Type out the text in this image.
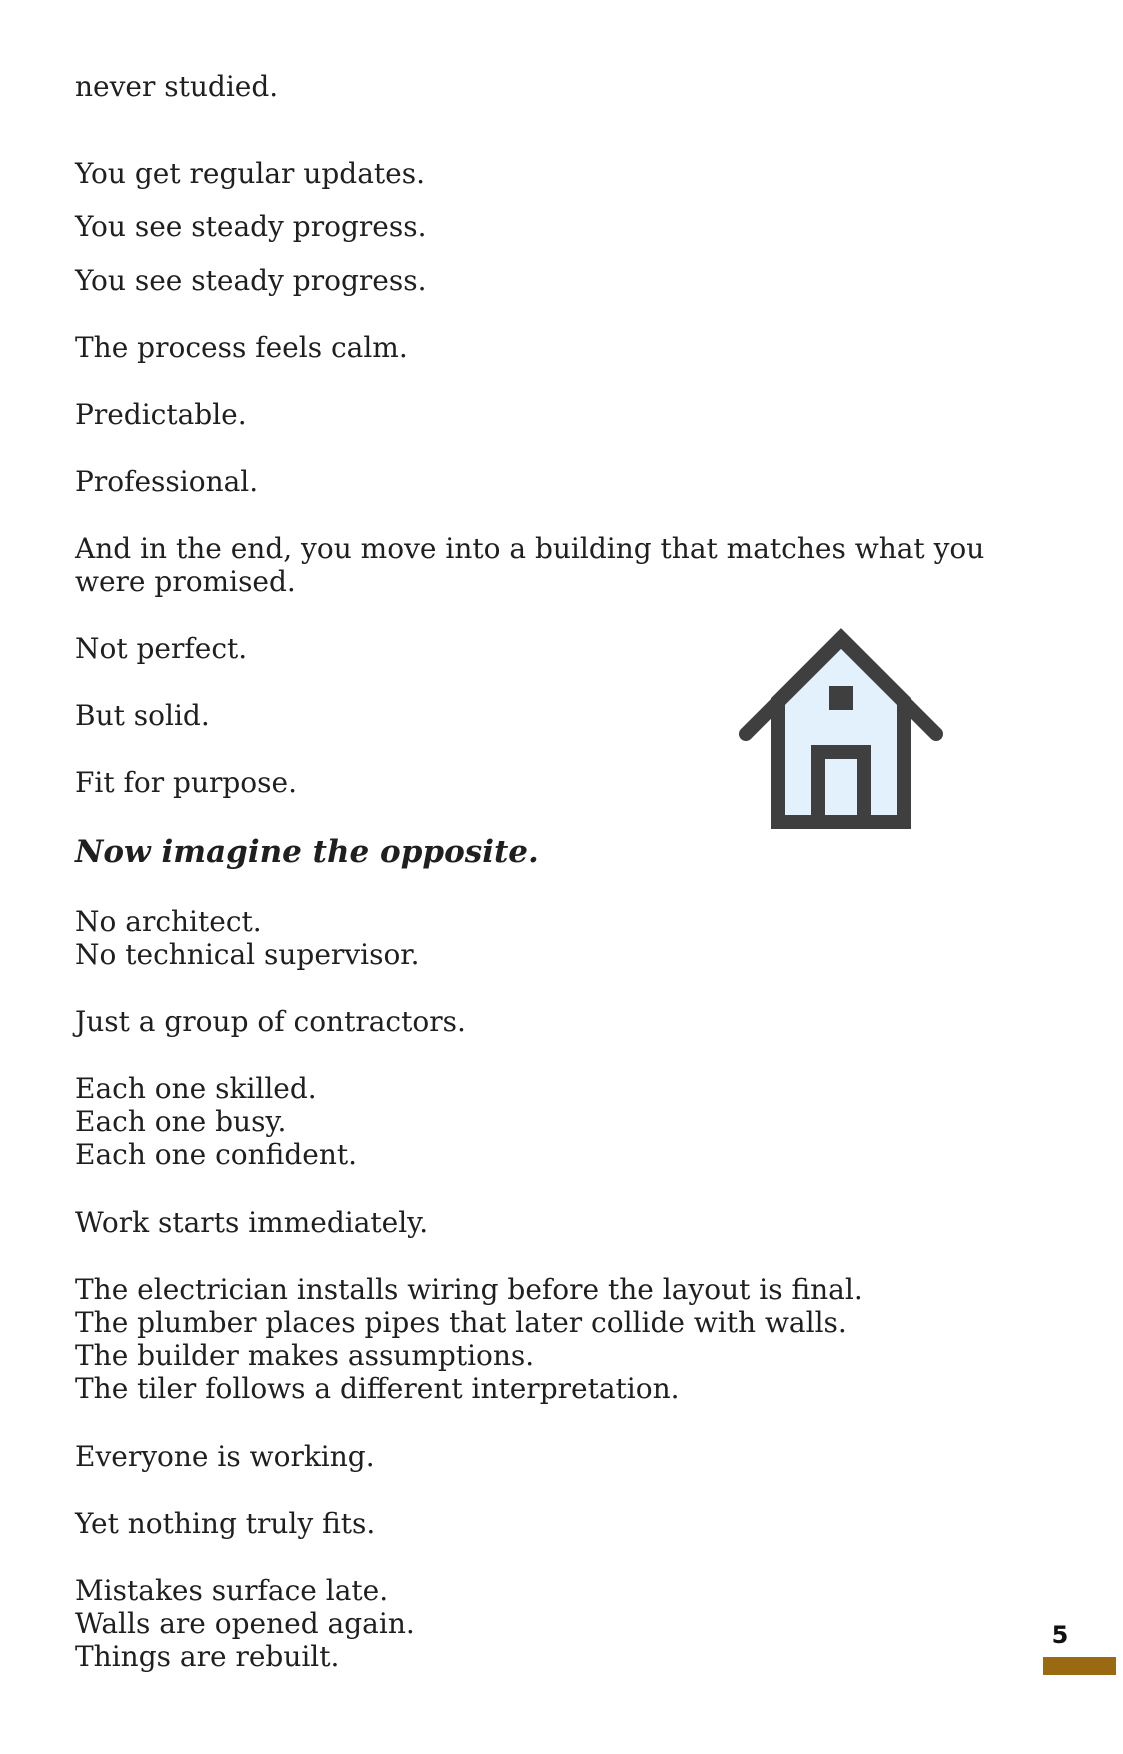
never studied.

You get regular updates.

You see steady progress.

You see steady progress.

The process feels calm.

Predictable.

Professional.

And in the end, you move into a building that matches what you

were promised.

Not perfect.

But solid.

Fit for purpose.

Now imagine the opposite.

No architect.

No technical supervisor.

Just a group of contractors.

Each one skilled.

Each one busy.

Each one confident.

Work starts immediately.

The electrician installs wiring before the layout is final.

The plumber places pipes that later collide with walls.

The builder makes assumptions.

The tiler follows a different interpretation.

Everyone is working.

Yet nothing truly fits.

Mistakes surface late.

Walls are opened again.

Things are rebuilt.

5
